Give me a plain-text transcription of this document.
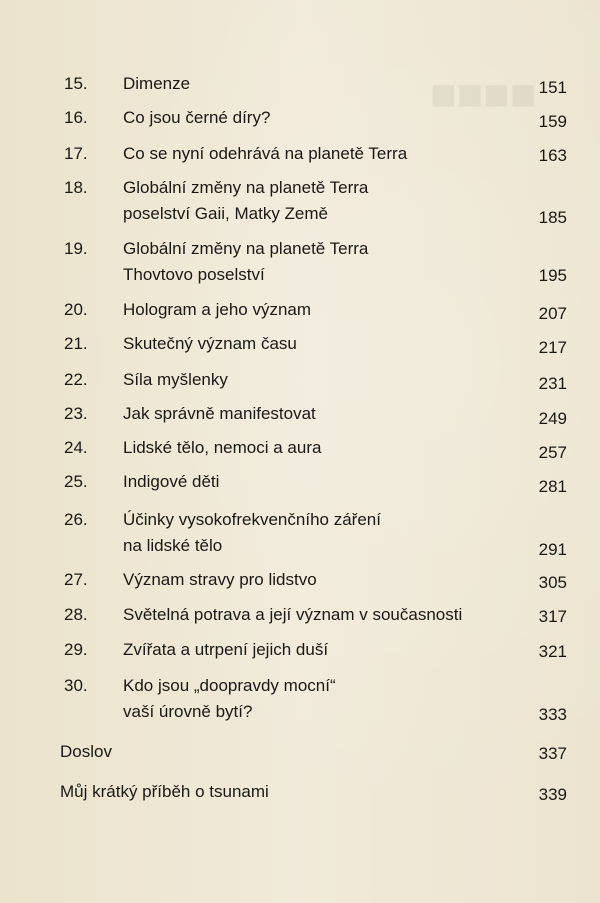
■■■■
15. Dimenze	151
16. Co jsou černé díry?	159
17. Co se nyní odehrává na planetě Terra	163
18. Globální změny na planetě Terra
poselství Gaii, Matky Země	185
19. Globální změny na planetě Terra
Thovtovo poselství	195
20. Hologram a jeho význam	207
21. Skutečný význam času	217
22. Síla myšlenky	231
23. Jak správně manifestovat	249
24. Lidské tělo, nemoci a aura	257
25. Indigové děti	281
26. Účinky vysokofrekvenčního záření
na lidské tělo	291
27. Význam stravy pro lidstvo	305
28. Světelná potrava a její význam v současnosti	317
29. Zvířata a utrpení jejich duší	321
30. Kdo jsou „doopravdy mocní“
vaší úrovně bytí?	333
Doslov	337
Můj krátký příběh o tsunami	339
